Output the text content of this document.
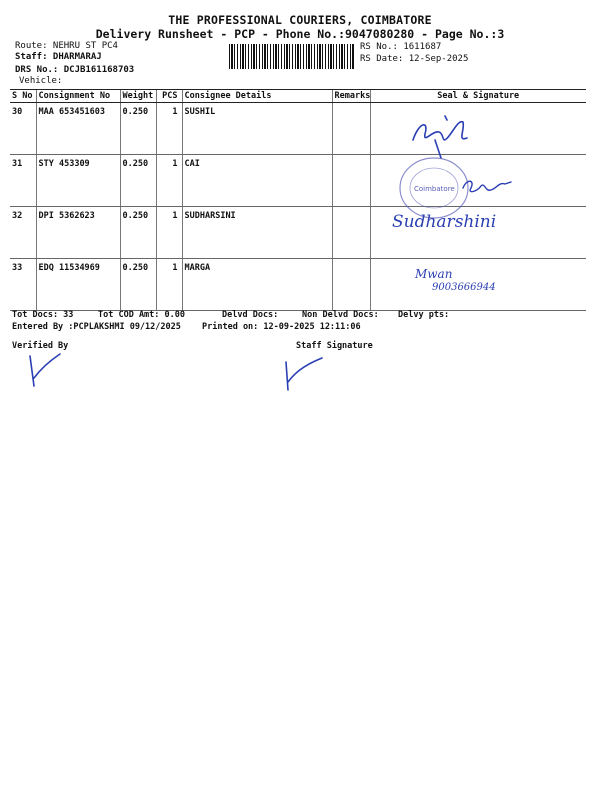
THE PROFESSIONAL COURIERS, COIMBATORE
Delivery Runsheet - PCP - Phone No.:9047080280 - Page No.:3
Route: NEHRU ST PC4
Staff: DHARMARAJ
DRS No.: DCJB161168703
Vehicle:
RS No.: 1611687
RS Date: 12-Sep-2025
S No	Consignment No	Weight	PCS	Consignee Details	Remarks	Seal & Signature
30	MAA 653451603	0.250	1	SUSHIL		
31	STY 453309	0.250	1	CAI		
32	DPI 5362623	0.250	1	SUDHARSINI		
33	EDQ 11534969	0.250	1	MARGA		
Coimbatore
Sudharshini
Mwan
9003666944
Tot Docs: 33	Tot COD Amt: 0.00	Delvd Docs:	Non Delvd Docs: Delvy pts:
Entered By :PCPLAKSHMI 09/12/2025 Printed on: 12-09-2025 12:11:06
Verified By	Staff Signature
